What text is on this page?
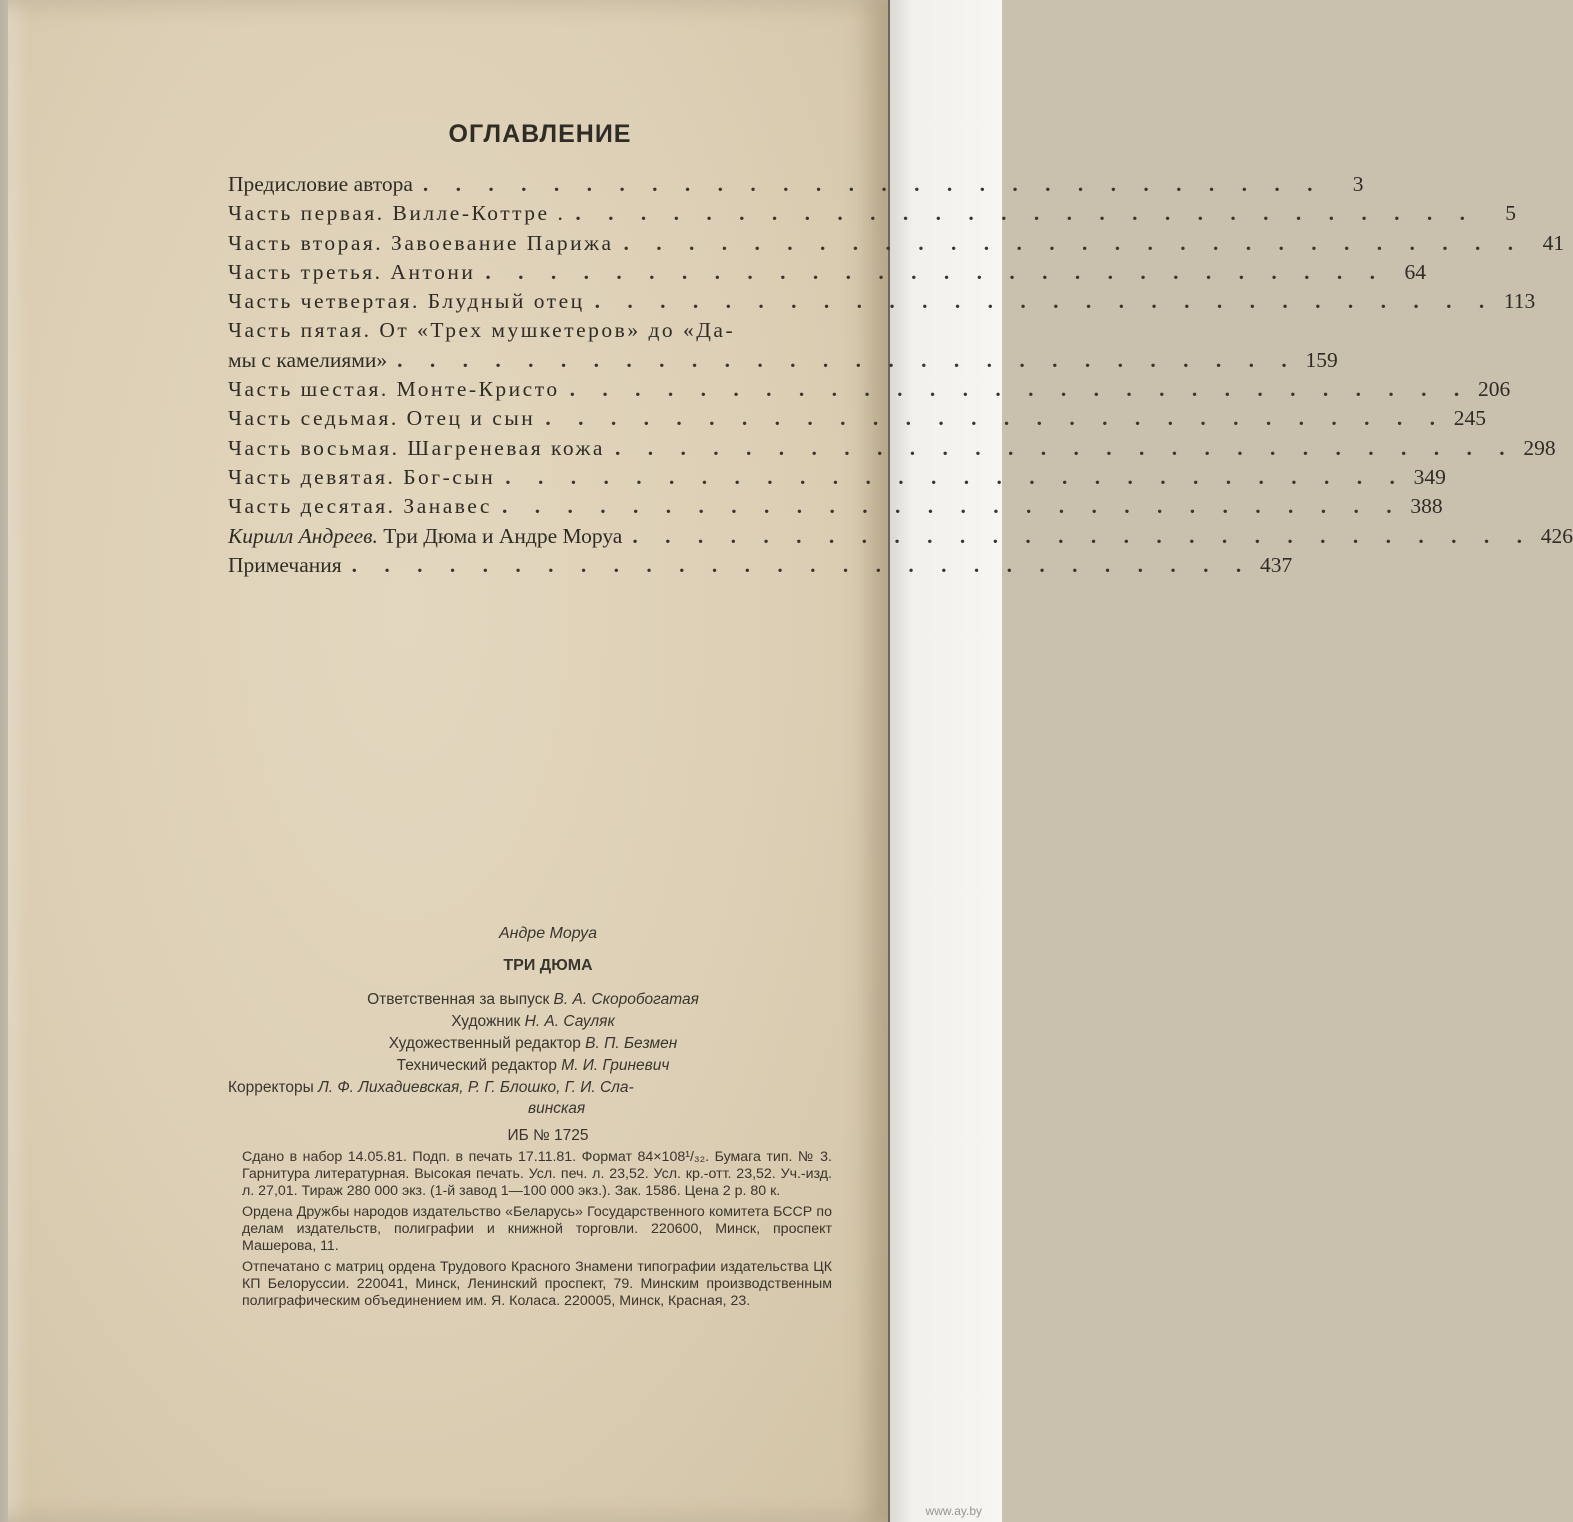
ОГЛАВЛЕНИЕ
Предисловие автора . . . . . . . . . . . . . . . . . . . . . . . . . . . .	3
Часть первая. Вилле-Коттре . . . . . . . . . . . . . . . . . . . . . . . . . . . . .	5
Часть вторая. Завоевание Парижа . . . . . . . . . . . . . . . . . . . . . . . . . . . . 41
Часть третья. Антони . . . . . . . . . . . . . . . . . . . . . . . . . . . . 64
Часть четвертая. Блудный отец . . . . . . . . . . . . . . . . . . . . . . . . . . . . 113
Часть пятая. От «Трех мушкетеров» до «Да-
мы с камелиями» . . . . . . . . . . . . . . . . . . . . . . . . . . . . 159
Часть шестая. Монте-Кристо . . . . . . . . . . . . . . . . . . . . . . . . . . . . 206
Часть седьмая. Отец и сын . . . . . . . . . . . . . . . . . . . . . . . . . . . . 245
Часть восьмая. Шагреневая кожа . . . . . . . . . . . . . . . . . . . . . . . . . . . . 298
Часть девятая. Бог-сын . . . . . . . . . . . . . . . . . . . . . . . . . . . . 349
Часть десятая. Занавес . . . . . . . . . . . . . . . . . . . . . . . . . . . . 388
Кирилл Андреев. Три Дюма и Андре Моруа . . . . . . . . . . . . . . . . . . . . . . . . . . . . 426
Примечания . . . . . . . . . . . . . . . . . . . . . . . . . . . . 437
Андре Моруа
ТРИ ДЮМА
Ответственная за выпуск В. А. Скоробогатая
Художник Н. А. Сауляк
Художественный редактор В. П. Безмен
Технический редактор М. И. Гриневич
Корректоры Л. Ф. Лихадиевская, Р. Г. Блошко, Г. И. Сла-
винская
ИБ № 1725

Сдано в набор 14.05.81. Подп. в печать 17.11.81. Формат 84×108¹/₃₂. Бумага тип. № 3. Гарнитура литературная. Высокая печать. Усл. печ. л. 23,52. Усл. кр.-отт. 23,52. Уч.-изд. л. 27,01. Тираж 280 000 экз. (1-й завод 1—100 000 экз.). Зак. 1586. Цена 2 р. 80 к.

Ордена Дружбы народов издательство «Беларусь» Государственного комитета БССР по делам издательств, полиграфии и книжной торговли. 220600, Минск, проспект Машерова, 11.

Отпечатано с матриц ордена Трудового Красного Знамени типографии издательства ЦК КП Белоруссии. 220041, Минск, Ленинский проспект, 79. Минским производственным полиграфическим объединением им. Я. Коласа. 220005, Минск, Красная, 23.

www.ay.by
